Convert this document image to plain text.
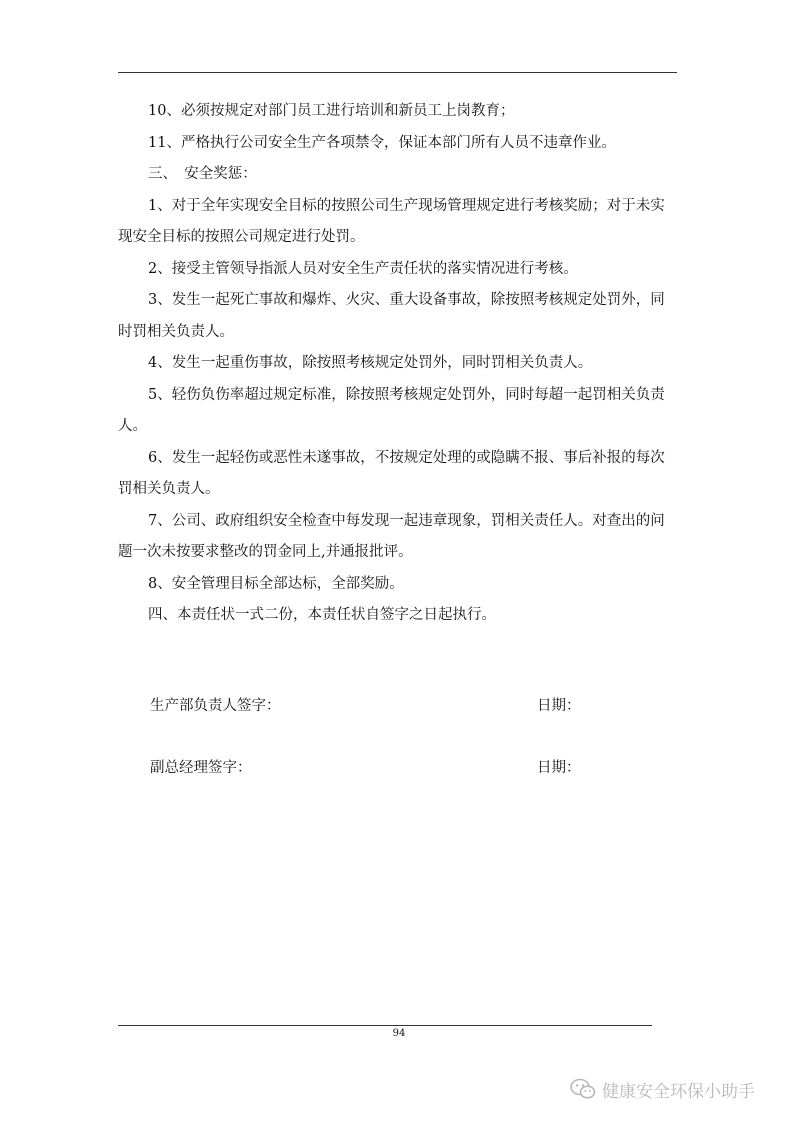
10、必须按规定对部门员工进行培训和新员工上岗教育；

11、严格执行公司安全生产各项禁令，保证本部门所有人员不违章作业。

三、　安全奖惩：

1、对于全年实现安全目标的按照公司生产现场管理规定进行考核奖励；对于未实现安全目标的按照公司规定进行处罚。

2、接受主管领导指派人员对安全生产责任状的落实情况进行考核。

3、发生一起死亡事故和爆炸、火灾、重大设备事故，除按照考核规定处罚外，同时罚相关负责人。

4、发生一起重伤事故，除按照考核规定处罚外，同时罚相关负责人。

5、轻伤负伤率超过规定标准，除按照考核规定处罚外，同时每超一起罚相关负责人。

6、发生一起轻伤或恶性未遂事故，不按规定处理的或隐瞒不报、事后补报的每次罚相关负责人。

7、公司、政府组织安全检查中每发现一起违章现象，罚相关责任人。对查出的问题一次未按要求整改的罚金同上,并通报批评。

8、安全管理目标全部达标，全部奖励。

四、本责任状一式二份，本责任状自签字之日起执行。

生产部负责人签字：	日期：
副总经理签字：	日期：
94
健康安全环保小助手
